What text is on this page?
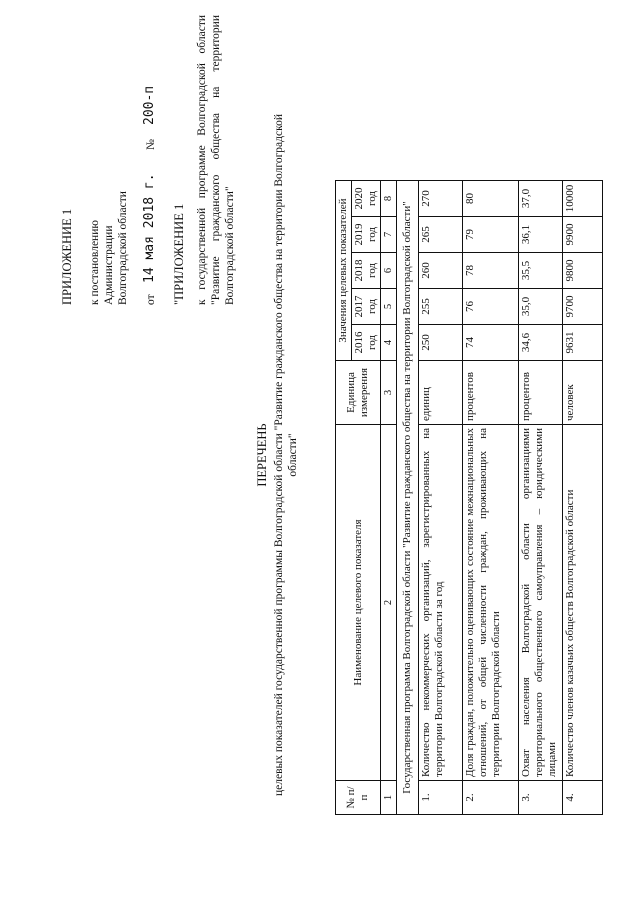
ПРИЛОЖЕНИЕ 1 к постановлению Администрации Волгоградской области от
14 мая 2018 г.
№
200-п
"ПРИЛОЖЕНИЕ 1 к государственной программе Волгоградской области "Развитие гражданского общества на территории Волгоградской области"
ПЕРЕЧЕНЬ целевых показателей государственной программы Волгоградской области "Развитие гражданского общества на территории Волгоградской области"
№ п/п	Наименование целевого показателя	Единица измерения	Значения целевых показателей				
			2016 год	2017 год	2018 год	2019 год	2020 год
1	2	3	4	5	6	7	8
Государственная программа Волгоградской области "Развитие гражданского общества на территории Волгоградской области"							
1.	Количество некоммерческих организаций, зарегистрированных на территории Волгоградской области за год	единиц	250	255	260	265	270
2.	Доля граждан, положительно оценивающих состояние межнациональных отношений, от общей численности граждан, проживающих на территории Волгоградской области	процентов	74	76	78	79	80
3.	Охват населения Волгоградской области организациями территориального общественного самоуправления – юридическими лицами	процентов	34,6	35,0	35,5	36,1	37,0
4.	Количество членов казачьих обществ Волгоградской области	человек	9631	9700	9800	9900	10000
